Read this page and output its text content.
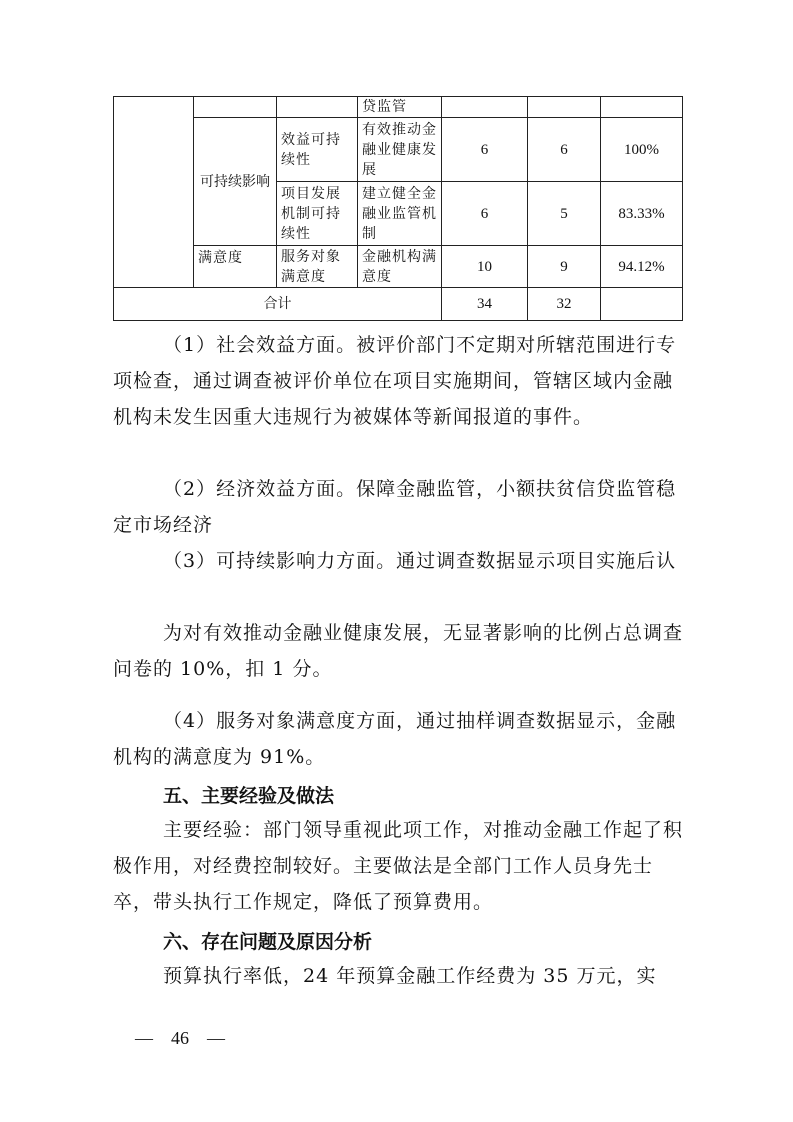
			贷监管			
	可持续影响	效益可持续性	有效推动金融业健康发展	6	6	100%
		项目发展机制可持续性	建立健全金融业监管机制	6	5	83.33%
	满意度	服务对象满意度	金融机构满意度	10	9	94.12%
合计				34	32	

（1）社会效益方面。被评价部门不定期对所辖范围进行专项检查，通过调查被评价单位在项目实施期间，管辖区域内金融机构未发生因重大违规行为被媒体等新闻报道的事件。

（2）经济效益方面。保障金融监管，小额扶贫信贷监管稳定市场经济

（3）可持续影响力方面。通过调查数据显示项目实施后认

为对有效推动金融业健康发展，无显著影响的比例占总调查问卷的 10%，扣 1 分。

（4）服务对象满意度方面，通过抽样调查数据显示，金融机构的满意度为 91%。

五、主要经验及做法

主要经验：部门领导重视此项工作，对推动金融工作起了积极作用，对经费控制较好。主要做法是全部门工作人员身先士卒，带头执行工作规定，降低了预算费用。

六、存在问题及原因分析

预算执行率低，24 年预算金融工作经费为 35 万元，实

—　46　—
